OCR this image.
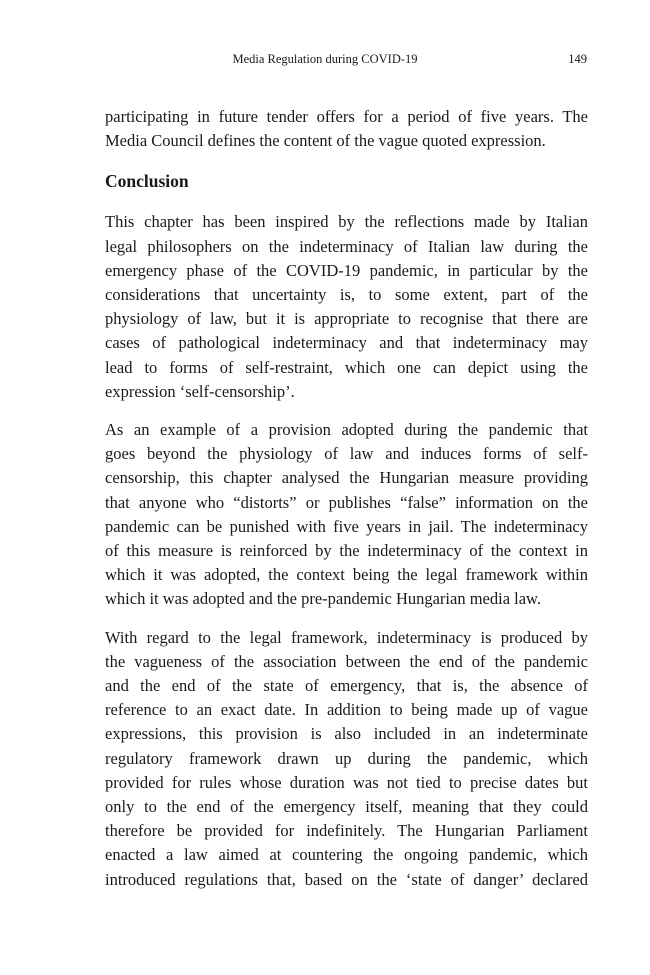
Media Regulation during COVID-19	149

participating in future tender offers for a period of five years. The
Media Council defines the content of the vague quoted expression.

Conclusion

This chapter has been inspired by the reflections made by Italian
legal philosophers on the indeterminacy of Italian law during the
emergency phase of the COVID-19 pandemic, in particular by the
considerations that uncertainty is, to some extent, part of the
physiology of law, but it is appropriate to recognise that there are
cases of pathological indeterminacy and that indeterminacy may
lead to forms of self-restraint, which one can depict using the
expression ‘self-censorship’.

As an example of a provision adopted during the pandemic that
goes beyond the physiology of law and induces forms of self-
censorship, this chapter analysed the Hungarian measure providing
that anyone who “distorts” or publishes “false” information on the
pandemic can be punished with five years in jail. The indeterminacy
of this measure is reinforced by the indeterminacy of the context in
which it was adopted, the context being the legal framework within
which it was adopted and the pre-pandemic Hungarian media law.

With regard to the legal framework, indeterminacy is produced by
the vagueness of the association between the end of the pandemic
and the end of the state of emergency, that is, the absence of
reference to an exact date. In addition to being made up of vague
expressions, this provision is also included in an indeterminate
regulatory framework drawn up during the pandemic, which
provided for rules whose duration was not tied to precise dates but
only to the end of the emergency itself, meaning that they could
therefore be provided for indefinitely. The Hungarian Parliament
enacted a law aimed at countering the ongoing pandemic, which
introduced regulations that, based on the ‘state of danger’ declared
